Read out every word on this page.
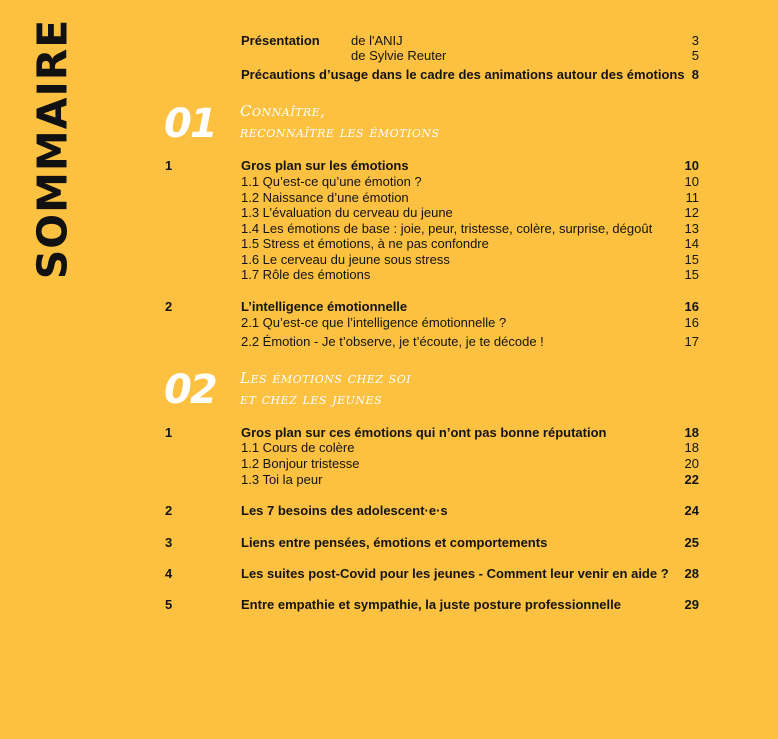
SOMMAIRE	Présentation de l'ANIJ	3
de Sylvie Reuter	5
Précautions d’usage dans le cadre des animations autour des émotions 8
01 Connaître,
reconnaître les émotions
1	Gros plan sur les émotions	10
1.1 Qu’est-ce qu’une émotion ?	10
1.2 Naissance d’une émotion	11
1.3 L’évaluation du cerveau du jeune	12
1.4 Les émotions de base : joie, peur, tristesse, colère, surprise, dégoût 13
1.5 Stress et émotions, à ne pas confondre	14
1.6 Le cerveau du jeune sous stress	15
1.7 Rôle des émotions	15
2	L’intelligence émotionnelle	16
2.1 Qu’est-ce que l’intelligence émotionnelle ?	16
2.2 Émotion - Je t’observe, je t’écoute, je te décode !	17
02 Les émotions chez soi
et chez les jeunes
1	Gros plan sur ces émotions qui n’ont pas bonne réputation	18
1.1 Cours de colère	18
1.2 Bonjour tristesse	20
1.3 Toi la peur	22
2	Les 7 besoins des adolescent·e·s	24
3	Liens entre pensées, émotions et comportements	25
4	Les suites post-Covid pour les jeunes - Comment leur venir en aide ? 28
5	Entre empathie et sympathie, la juste posture professionnelle	29
